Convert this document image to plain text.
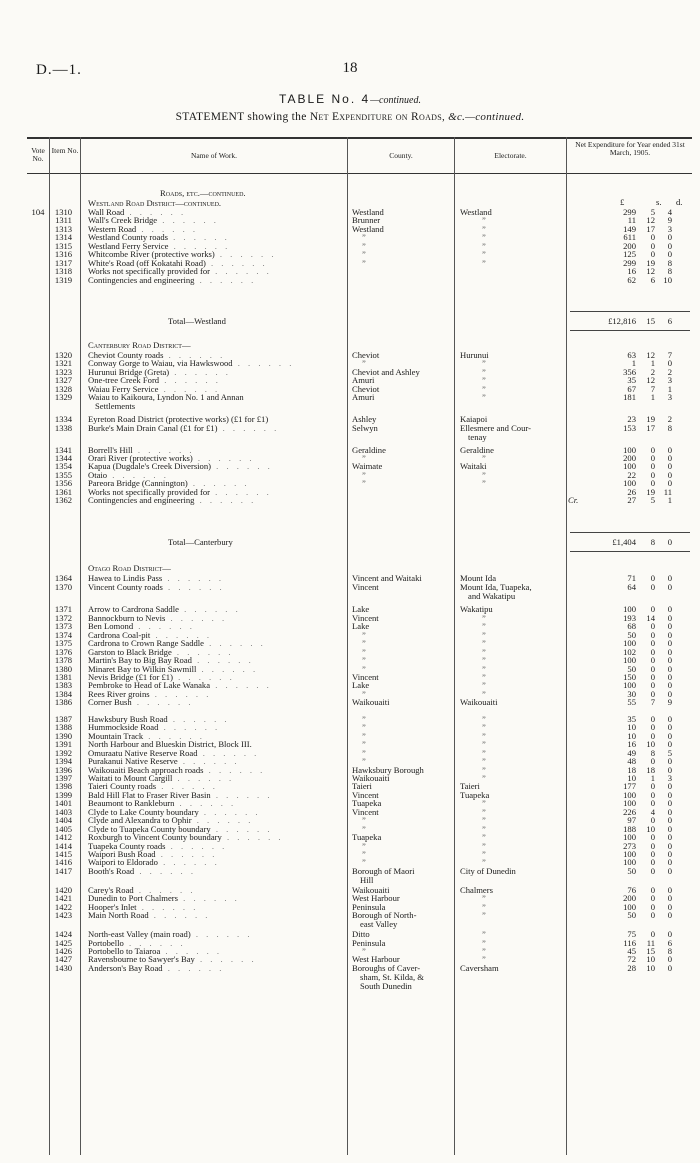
D.—1.	18
TABLE No. 4—continued.
STATEMENT showing the Net Expenditure on Roads, &c.—continued.
Vote No.
Item No.
Name of Work.	County.	Electorate.
Net Expenditure for Year ended 31st March, 1905.
£	s. d.
Roads, etc.—continued.
Westland Road District—continued.
104	1310	Wall Road . . . . . .	Westland	Westland	299	5	4
1311	Wall's Creek Bridge . . . . . .	Brunner	”	11	12	9
1313	Western Road . . . . . .	Westland	”	149	17	3
1314	Westland County roads . . . . . .	”	”	611	0	0
1315	Westland Ferry Service . . . . . .	”	”	200	0	0
1316	Whitcombe River (protective works) . . . . . .	”	”	125	0	0
1317	White's Road (off Kokatahi Road) . . . . . .	”	”	299	19	8
1318	Works not specifically provided for . . . . . .	16	12	8
1319	Contingencies and engineering . . . . . .	62	6 10
Total—Westland	£12,816	15	6
Canterbury Road District—
1320	Cheviot County roads . . . . . .	Cheviot	Hurunui	63	12	7
1321	Conway Gorge to Waiau, via Hawkswood . . . . . .	”	”	1	1	0
1323	Hurunui Bridge (Greta) . . . . . .	Cheviot and Ashley	”	356	2	2
1327	One-tree Creek Ford . . . . . .	Amuri	”	35	12	3
1328	Waiau Ferry Service . . . . . .	Cheviot	”	67	7	1
1329	Waiau to Kaikoura, Lyndon No. 1 and Annan	Amuri	”	181	1	3
Settlements
1334	Eyreton Road District (protective works) (£1 for £1)	Ashley	Kaiapoi	23	19	2
1338	Burke's Main Drain Canal (£1 for £1) . . . . . .	Selwyn	Ellesmere and Cour-	153	17	8
tenay
1341	Borrell's Hill . . . . . .	Geraldine	Geraldine	100	0	0
1344	Orari River (protective works) . . . . . .	”	”	200	0	0
1354	Kapua (Dugdale's Creek Diversion) . . . . . .	Waimate	Waitaki	100	0	0
1355	Otaio . . . . . .	”	”	22	0	0
1356	Pareora Bridge (Cannington) . . . . . .	”	”	100	0	0
1361	Works not specifically provided for . . . . . .	26	19	11
1362	Contingencies and engineering . . . . . .	Cr.	27	5	1
Total—Canterbury	£1,404	8	0
Otago Road District—
1364	Hawea to Lindis Pass . . . . . .	Vincent and Waitaki	Mount Ida	71	0	0
1370	Vincent County roads . . . . . .	Vincent	Mount Ida, Tuapeka,	64	0	0
and Wakatipu
1371	Arrow to Cardrona Saddle . . . . . .	Lake	Wakatipu	100	0	0
1372	Bannockburn to Nevis . . . . . .	Vincent	”	193	14	0
1373	Ben Lomond . . . . . .	Lake	”	68	0	0
1374	Cardrona Coal-pit . . . . . .	”	”	50	0	0
1375	Cardrona to Crown Range Saddle . . . . . .	”	”	100	0	0
1376	Garston to Black Bridge . . . . . .	”	”	102	0	0
1378	Martin's Bay to Big Bay Road . . . . . .	”	”	100	0	0
1380	Minaret Bay to Wilkin Sawmill . . . . . .	”	”	50	0	0
1381	Nevis Bridge (£1 for £1) . . . . . .	Vincent	”	150	0	0
1383	Pembroke to Head of Lake Wanaka . . . . . .	Lake	”	100	0	0
1384	Rees River groins . . . . . .	”	”	30	0	0
1386	Corner Bush . . . . . .	Waikouaiti	Waikouaiti	55	7	9
1387	Hawksbury Bush Road . . . . . .	”	”	35	0	0
1388	Hummockside Road . . . . . .	”	”	10	0	0
1390	Mountain Track . . . . . .	”	”	10	0	0
1391	North Harbour and Blueskin District, Block III.	”	”	16	10	0
1392	Omuraatu Native Reserve Road . . . . . .	”	”	49	8	5
1394	Purakanui Native Reserve . . . . . .	”	”	48	0	0
1396	Waikouaiti Beach approach roads . . . . . .	Hawksbury Borough	”	18	18	0
1397	Waitati to Mount Cargill . . . . . .	Waikouaiti	”	10	1	3
1398	Taieri County roads . . . . . .	Taieri	Taieri	177	0	0
1399	Bald Hill Flat to Fraser River Basin . . . . . .	Vincent	Tuapeka	100	0	0
1401	Beaumont to Rankleburn . . . . . .	Tuapeka	”	100	0	0
1403	Clyde to Lake County boundary . . . . . .	Vincent	”	226	4	0
1404	Clyde and Alexandra to Ophir . . . . . .	”	”	97	0	0
1405	Clyde to Tuapeka County boundary . . . . . .	”	”	188	10	0
1412	Roxburgh to Vincent County boundary . . . . . .	Tuapeka	”	100	0	0
1414	Tuapeka County roads . . . . . .	”	”	273	0	0
1415	Waipori Bush Road . . . . . .	”	”	100	0	0
1416	Waipori to Eldorado . . . . . .	”	”	100	0	0
1417	Booth's Road . . . . . .	Borough of Maori	City of Dunedin	50	0	0
Hill
1420	Carey's Road . . . . . .	Waikouaiti	Chalmers	76	0	0
1421	Dunedin to Port Chalmers . . . . . .	West Harbour	”	200	0	0
1422	Hooper's Inlet . . . . . .	Peninsula	”	100	0	0
1423	Main North Road . . . . . .	Borough of North-	”	50	0	0
east Valley
1424	North-east Valley (main road) . . . . . .	Ditto	”	75	0	0
1425	Portobello . . . . . .	Peninsula	”	116	11	6
1426	Portobello to Taiaroa . . . . . .	”	”	45	15	8
1427	Ravensbourne to Sawyer's Bay . . . . . .	West Harbour	”	72	10	0
1430	Anderson's Bay Road . . . . . .	Boroughs of Caver-	Caversham	28	10	0
sham, St. Kilda, &
South Dunedin
